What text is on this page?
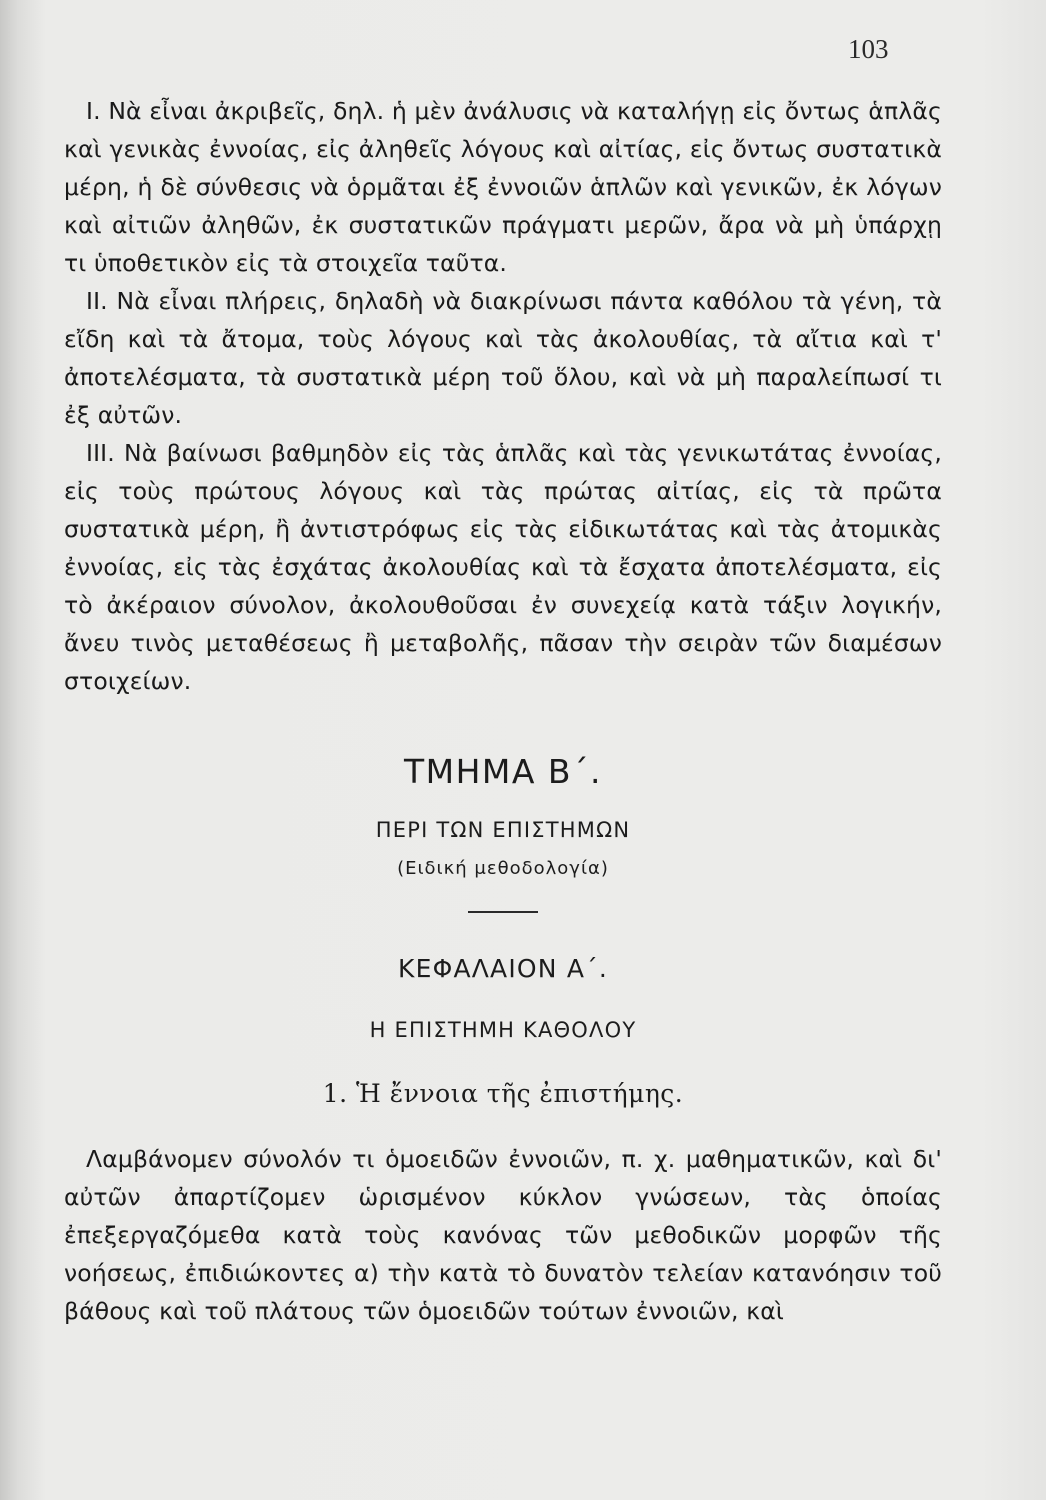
103

I. Νὰ εἶναι ἀκριβεῖς, δηλ. ἡ μὲν ἀνάλυσις νὰ καταλήγῃ εἰς ὄντως ἁπλᾶς καὶ γενικὰς ἐννοίας, εἰς ἀληθεῖς λόγους καὶ αἰτίας, εἰς ὄντως συστατικὰ μέρη, ἡ δὲ σύνθεσις νὰ ὁρμᾶται ἐξ ἐννοιῶν ἁπλῶν καὶ γενικῶν, ἐκ λόγων καὶ αἰτιῶν ἀληθῶν, ἐκ συστατικῶν πράγματι μερῶν, ἄρα νὰ μὴ ὑπάρχῃ τι ὑποθετικὸν εἰς τὰ στοιχεῖα ταῦτα.

II. Νὰ εἶναι πλήρεις, δηλαδὴ νὰ διακρίνωσι πάντα καθόλου τὰ γένη, τὰ εἴδη καὶ τὰ ἄτομα, τοὺς λόγους καὶ τὰς ἀκολουθίας, τὰ αἴτια καὶ τ' ἀποτελέσματα, τὰ συστατικὰ μέρη τοῦ ὅλου, καὶ νὰ μὴ παραλείπωσί τι ἐξ αὐτῶν.

III. Νὰ βαίνωσι βαθμηδὸν εἰς τὰς ἁπλᾶς καὶ τὰς γενικωτάτας ἐννοίας, εἰς τοὺς πρώτους λόγους καὶ τὰς πρώτας αἰτίας, εἰς τὰ πρῶτα συστατικὰ μέρη, ἢ ἀντιστρόφως εἰς τὰς εἰδικωτάτας καὶ τὰς ἀτομικὰς ἐννοίας, εἰς τὰς ἐσχάτας ἀκολουθίας καὶ τὰ ἔσχατα ἀποτελέσματα, εἰς τὸ ἀκέραιον σύνολον, ἀκολουθοῦσαι ἐν συνεχείᾳ κατὰ τάξιν λογικήν, ἄνευ τινὸς μεταθέσεως ἢ μεταβολῆς, πᾶσαν τὴν σειρὰν τῶν διαμέσων στοιχείων.

ΤΜΗΜΑ Β΄.
ΠΕΡΙ ΤΩΝ ΕΠΙΣΤΗΜΩΝ
(Ειδική μεθοδολογία)
ΚΕΦΑΛΑΙΟΝ Α΄.
Η ΕΠΙΣΤΗΜΗ ΚΑΘΟΛΟΥ
1. Ἡ ἔννοια τῆς ἐπιστήμης.

Λαμβάνομεν σύνολόν τι ὁμοειδῶν ἐννοιῶν, π. χ. μαθηματικῶν, καὶ δι' αὐτῶν ἀπαρτίζομεν ὡρισμένον κύκλον γνώσεων, τὰς ὁποίας ἐπεξεργαζόμεθα κατὰ τοὺς κανόνας τῶν μεθοδικῶν μορφῶν τῆς νοήσεως, ἐπιδιώκοντες α) τὴν κατὰ τὸ δυνατὸν τελείαν κατανόησιν τοῦ βάθους καὶ τοῦ πλάτους τῶν ὁμοειδῶν τούτων ἐννοιῶν, καὶ
